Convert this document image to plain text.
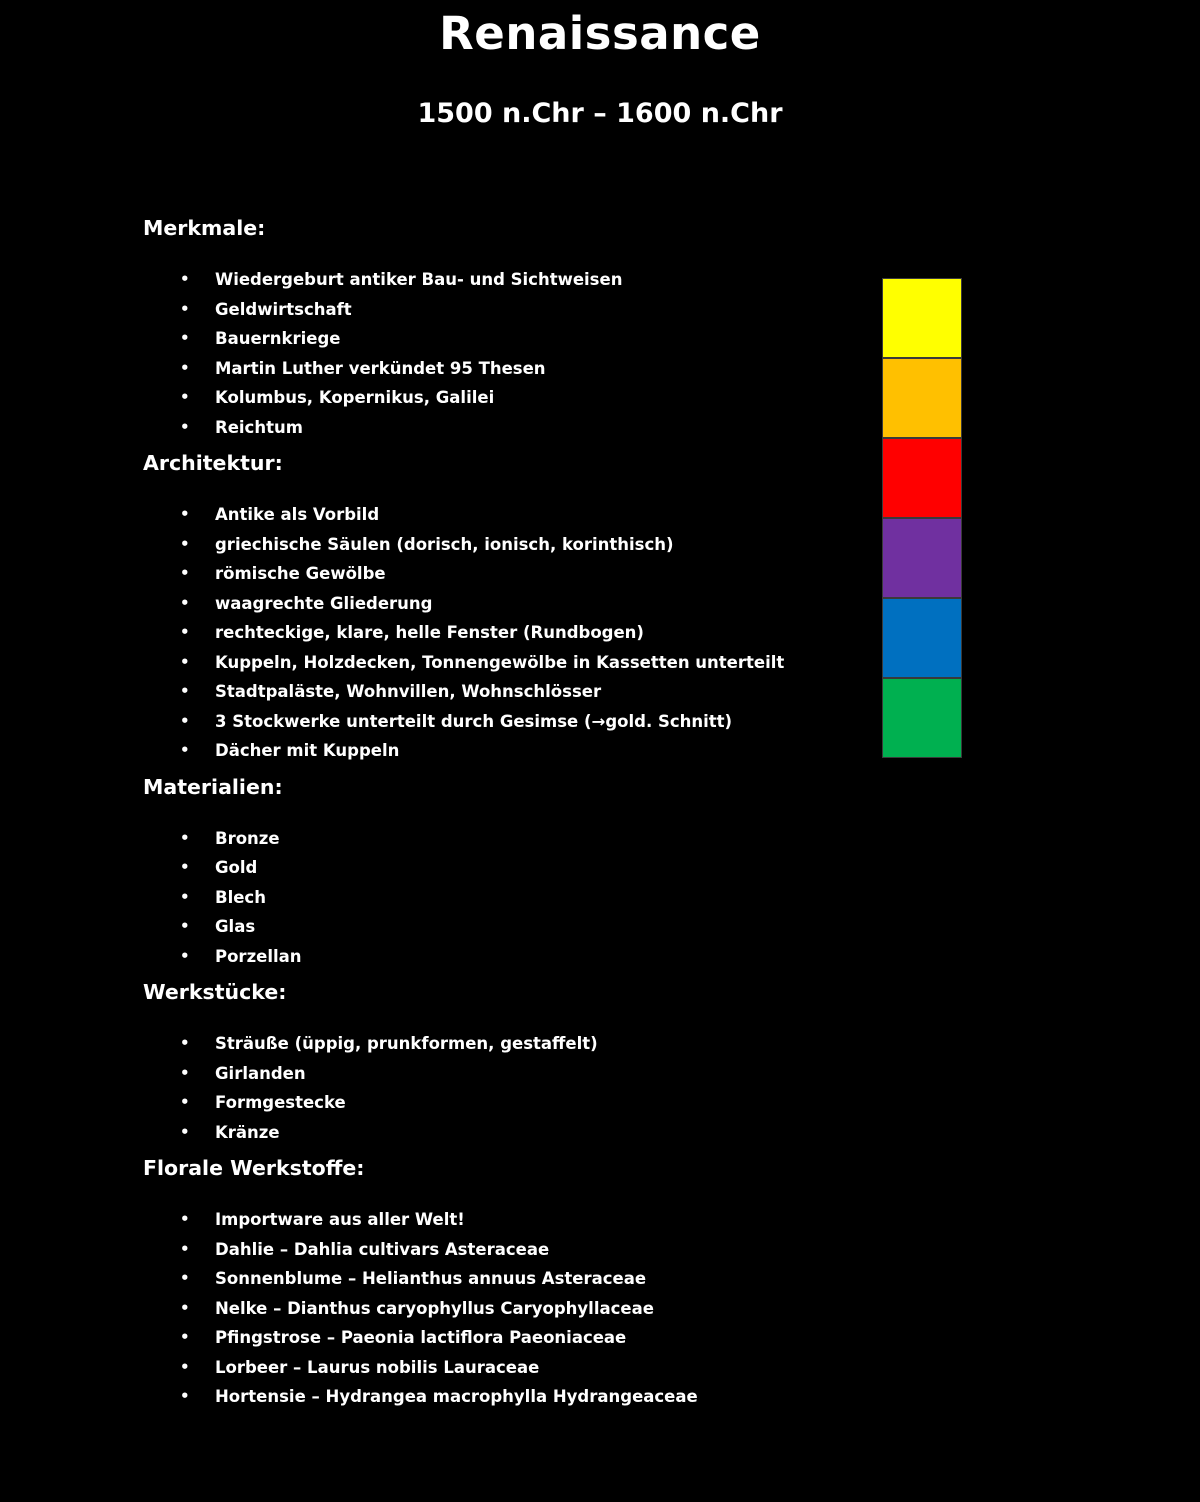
Renaissance
1500 n.Chr – 1600 n.Chr
Merkmale:
• Wiedergeburt antiker Bau- und Sichtweisen
• Geldwirtschaft
• Bauernkriege
• Martin Luther verkündet 95 Thesen
• Kolumbus, Kopernikus, Galilei
• Reichtum
Architektur:
• Antike als Vorbild
• griechische Säulen (dorisch, ionisch, korinthisch)
• römische Gewölbe
• waagrechte Gliederung
• rechteckige, klare, helle Fenster (Rundbogen)
• Kuppeln, Holzdecken, Tonnengewölbe in Kassetten unterteilt
• Stadtpaläste, Wohnvillen, Wohnschlösser
• 3 Stockwerke unterteilt durch Gesimse (→gold. Schnitt)
• Dächer mit Kuppeln
Materialien:
• Bronze
• Gold
• Blech
• Glas
• Porzellan
Werkstücke:
• Sträuße (üppig, prunkformen, gestaffelt)
• Girlanden
• Formgestecke
• Kränze
Florale Werkstoffe:
• Importware aus aller Welt!
• Dahlie – Dahlia cultivars Asteraceae
• Sonnenblume – Helianthus annuus Asteraceae
• Nelke – Dianthus caryophyllus Caryophyllaceae
• Pfingstrose – Paeonia lactiflora Paeoniaceae
• Lorbeer – Laurus nobilis Lauraceae
• Hortensie – Hydrangea macrophylla Hydrangeaceae
